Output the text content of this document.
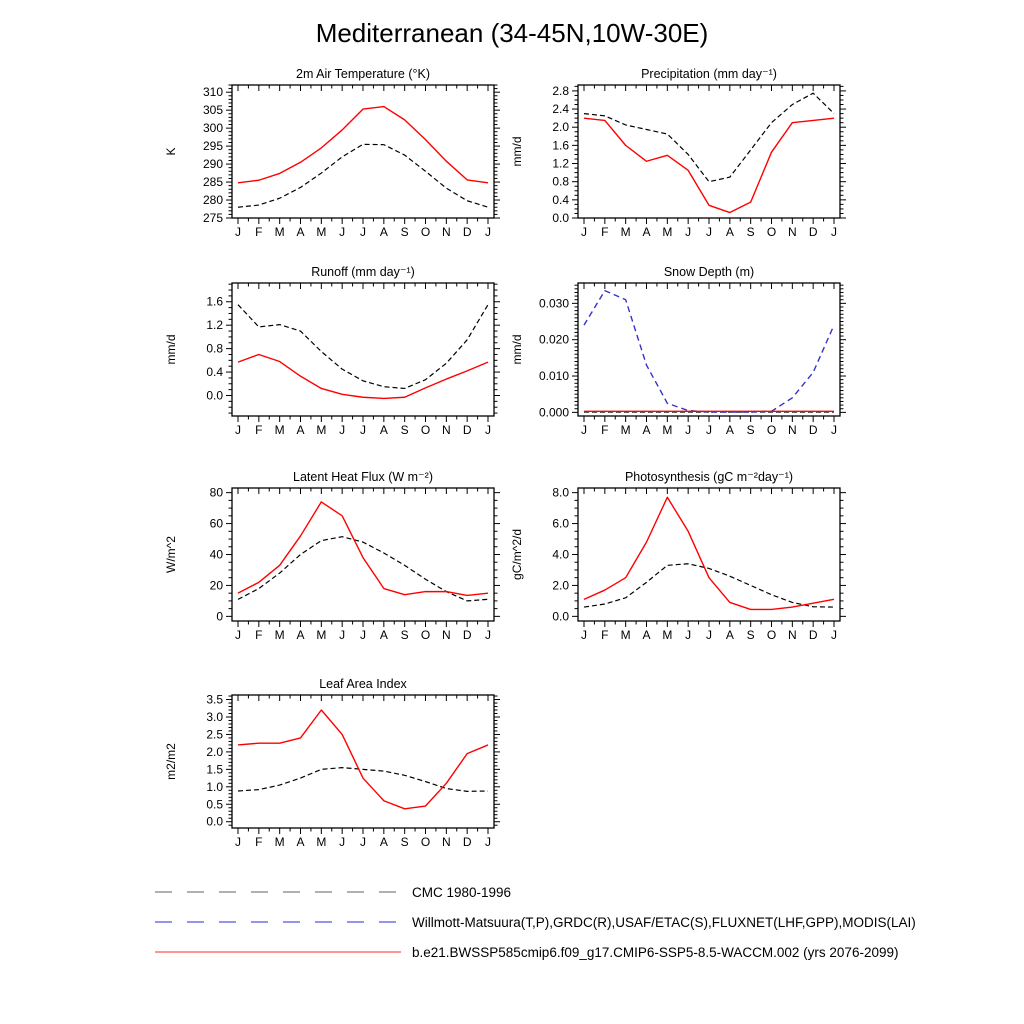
Mediterranean (34-45N,10W-30E)
2m Air Temperature (°K)
275
280
285
290
295
300
305
310
J F M A M J J A S O N D J
K
Precipitation (mm day⁻¹)
0.0
0.4
0.8
1.2
1.6
2.0
2.4
2.8
J F M A M J J A S O N D J
mm/d
Runoff (mm day⁻¹)
0.0
0.4
0.8
1.2
1.6
J F M A M J J A S O N D J
mm/d
Snow Depth (m)
0.000
0.010
0.020
0.030
J F M A M J J A S O N D J
mm/d
Latent Heat Flux (W m⁻²)
0
20
40
60
80
J F M A M J J A S O N D J
W/m^2
Photosynthesis (gC m⁻²day⁻¹)
0.0
2.0
4.0
6.0
8.0
J F M A M J J A S O N D J
gC/m^2/d
Leaf Area Index
0.0
0.5
1.0
1.5
2.0
2.5
3.0
3.5
J F M A M J J A S O N D J
m2/m2
CMC 1980-1996
Willmott-Matsuura(T,P),GRDC(R),USAF/ETAC(S),FLUXNET(LHF,GPP),MODIS(LAI)
b.e21.BWSSP585cmip6.f09_g17.CMIP6-SSP5-8.5-WACCM.002 (yrs 2076-2099)
